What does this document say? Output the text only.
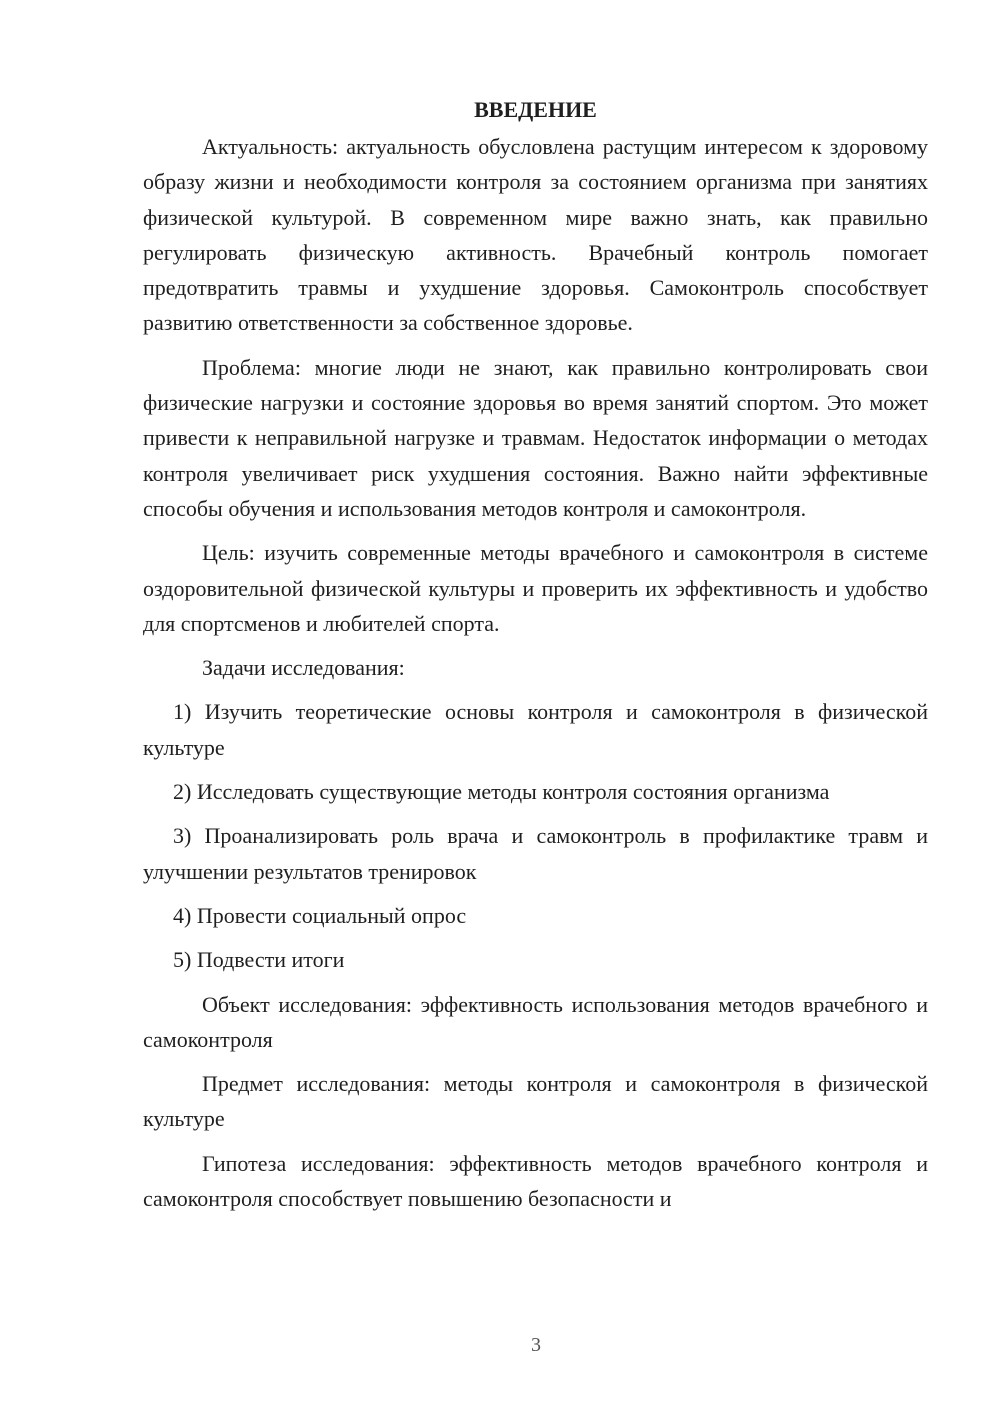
ВВЕДЕНИЕ

Актуальность: актуальность обусловлена растущим интересом к здоровому образу жизни и необходимости контроля за состоянием организма при занятиях физической культурой. В современном мире важно знать, как правильно регулировать физическую активность. Врачебный контроль помогает предотвратить травмы и ухудшение здоровья. Самоконтроль способствует развитию ответственности за собственное здоровье.

Проблема: многие люди не знают, как правильно контролировать свои физические нагрузки и состояние здоровья во время занятий спортом. Это может привести к неправильной нагрузке и травмам. Недостаток информации о методах контроля увеличивает риск ухудшения состояния. Важно найти эффективные способы обучения и использования методов контроля и самоконтроля.

Цель: изучить современные методы врачебного и самоконтроля в системе оздоровительной физической культуры и проверить их эффективность и удобство для спортсменов и любителей спорта.

Задачи исследования:

1) Изучить теоретические основы контроля и самоконтроля в физической культуре

2) Исследовать существующие методы контроля состояния организма

3) Проанализировать роль врача и самоконтроль в профилактике травм и улучшении результатов тренировок

4) Провести социальный опрос

5) Подвести итоги

Объект исследования: эффективность использования методов врачебного и самоконтроля

Предмет исследования: методы контроля и самоконтроля в физической культуре

Гипотеза исследования: эффективность методов врачебного контроля и самоконтроля способствует повышению безопасности и

3
